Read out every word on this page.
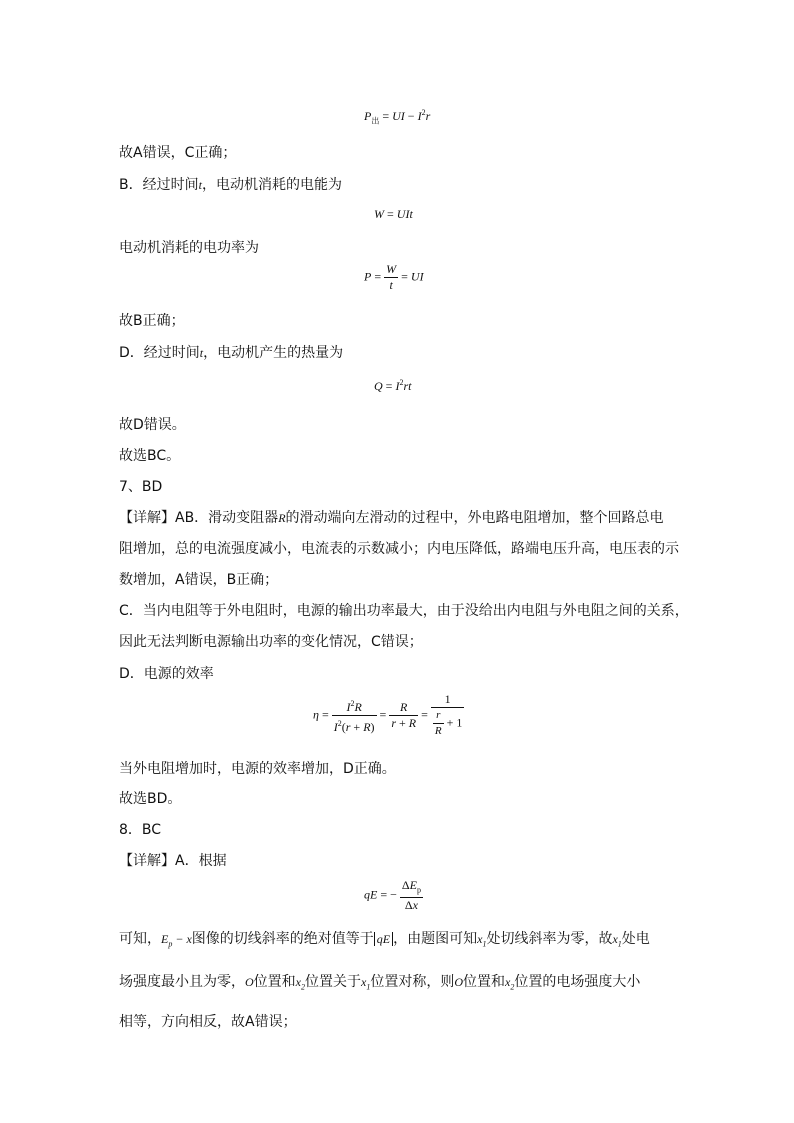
$P_出$ = UI − $I^2r$
故A错误，C正确；
B．经过时间t，电动机消耗的电能为
W = UIt
电动机消耗的电功率为
$P = \frac{W}{t}$ = UI
故B正确；
D．经过时间t，电动机产生的热量为
$Q = I^2rt$
故D错误。
故选BC。
7、BD
【详解】AB．滑动变阻器R的滑动端向左滑动的过程中，外电路电阻增加，整个回路总电
阻增加，总的电流强度减小，电流表的示数减小；内电压降低，路端电压升高，电压表的示
数增加，A错误，B正确；
C．当内电阻等于外电阻时，电源的输出功率最大，由于没给出内电阻与外电阻之间的关系，
因此无法判断电源输出功率的变化情况，C错误；
D．电源的效率
$\eta = \frac{I^2R}{I^2(r + R)} = \frac{R}{r + R} = \frac{1}{\frac{r}{R} + 1}$
当外电阻增加时，电源的效率增加，D正确。
故选BD。
8．BC
【详解】A．根据
qE = − $\frac{\Delta E_p}{\Delta x}$
可知，$E_p - x$图像的切线斜率的绝对值等于 qE ，由题图可知$x_1$处切线斜率为零，故$x_1$处电
场强度最小且为零，O位置和$x_2$位置关于$x_1$位置对称，则O位置和$x_2$位置的电场强度大小
相等，方向相反，故A错误；
